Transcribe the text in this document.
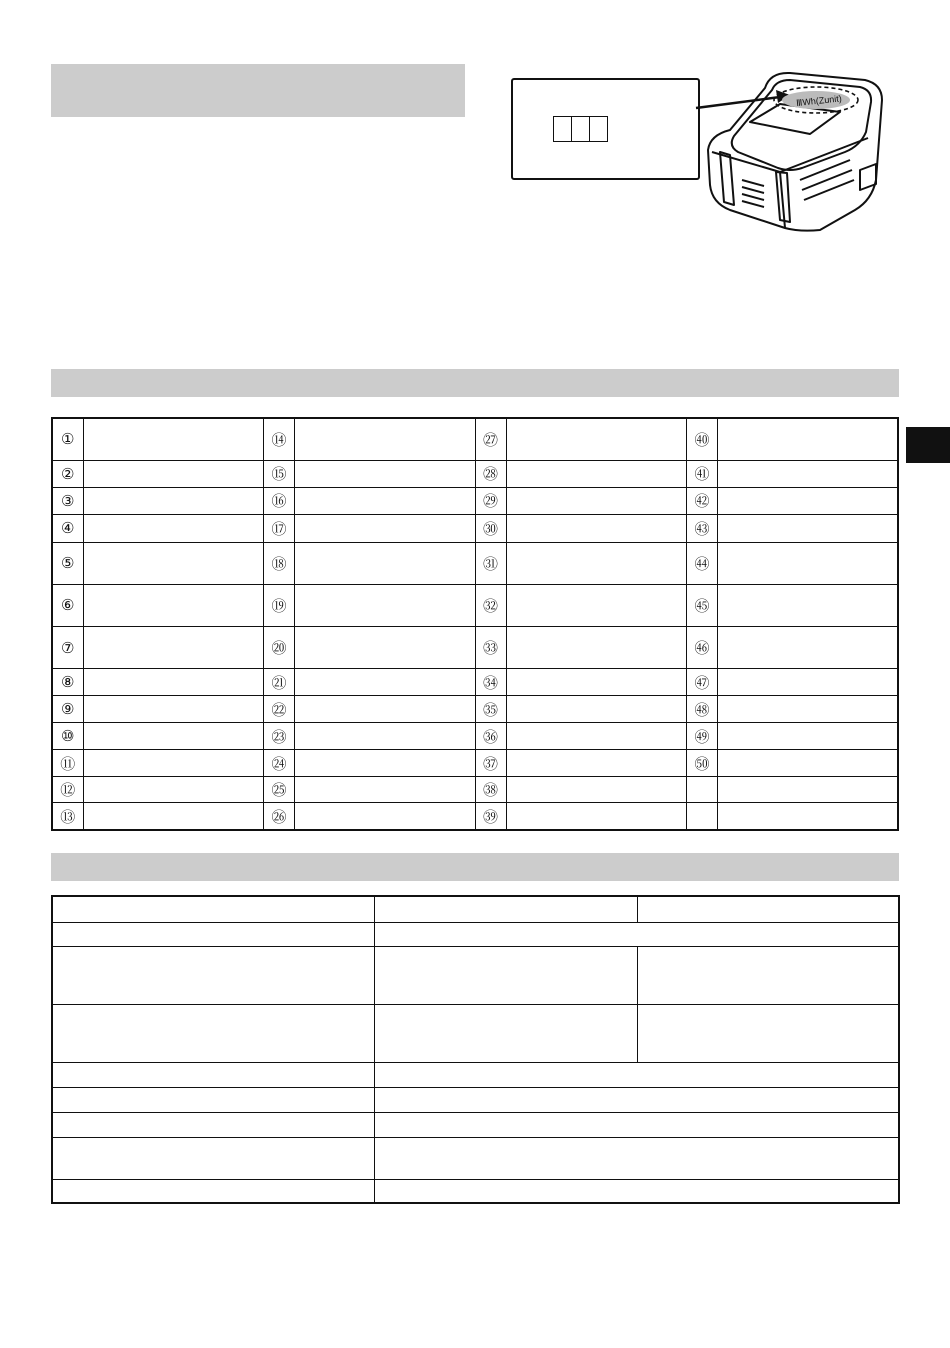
ⅢWh(Zunit)
①		⑭		㉗		㊵	
②		⑮		㉘		㊶	
③		⑯		㉙		㊷	
④		⑰		㉚		㊸	
⑤		⑱		㉛		㊹	
⑥		⑲		㉜		㊺	
⑦		⑳		㉝		㊻	
⑧		㉑		㉞		㊼	
⑨		㉒		㉟		㊽	
⑩		㉓		㊱		㊾	
⑪		㉔		㊲		㊿	
⑫		㉕		㊳			
⑬		㉖		㊴			
